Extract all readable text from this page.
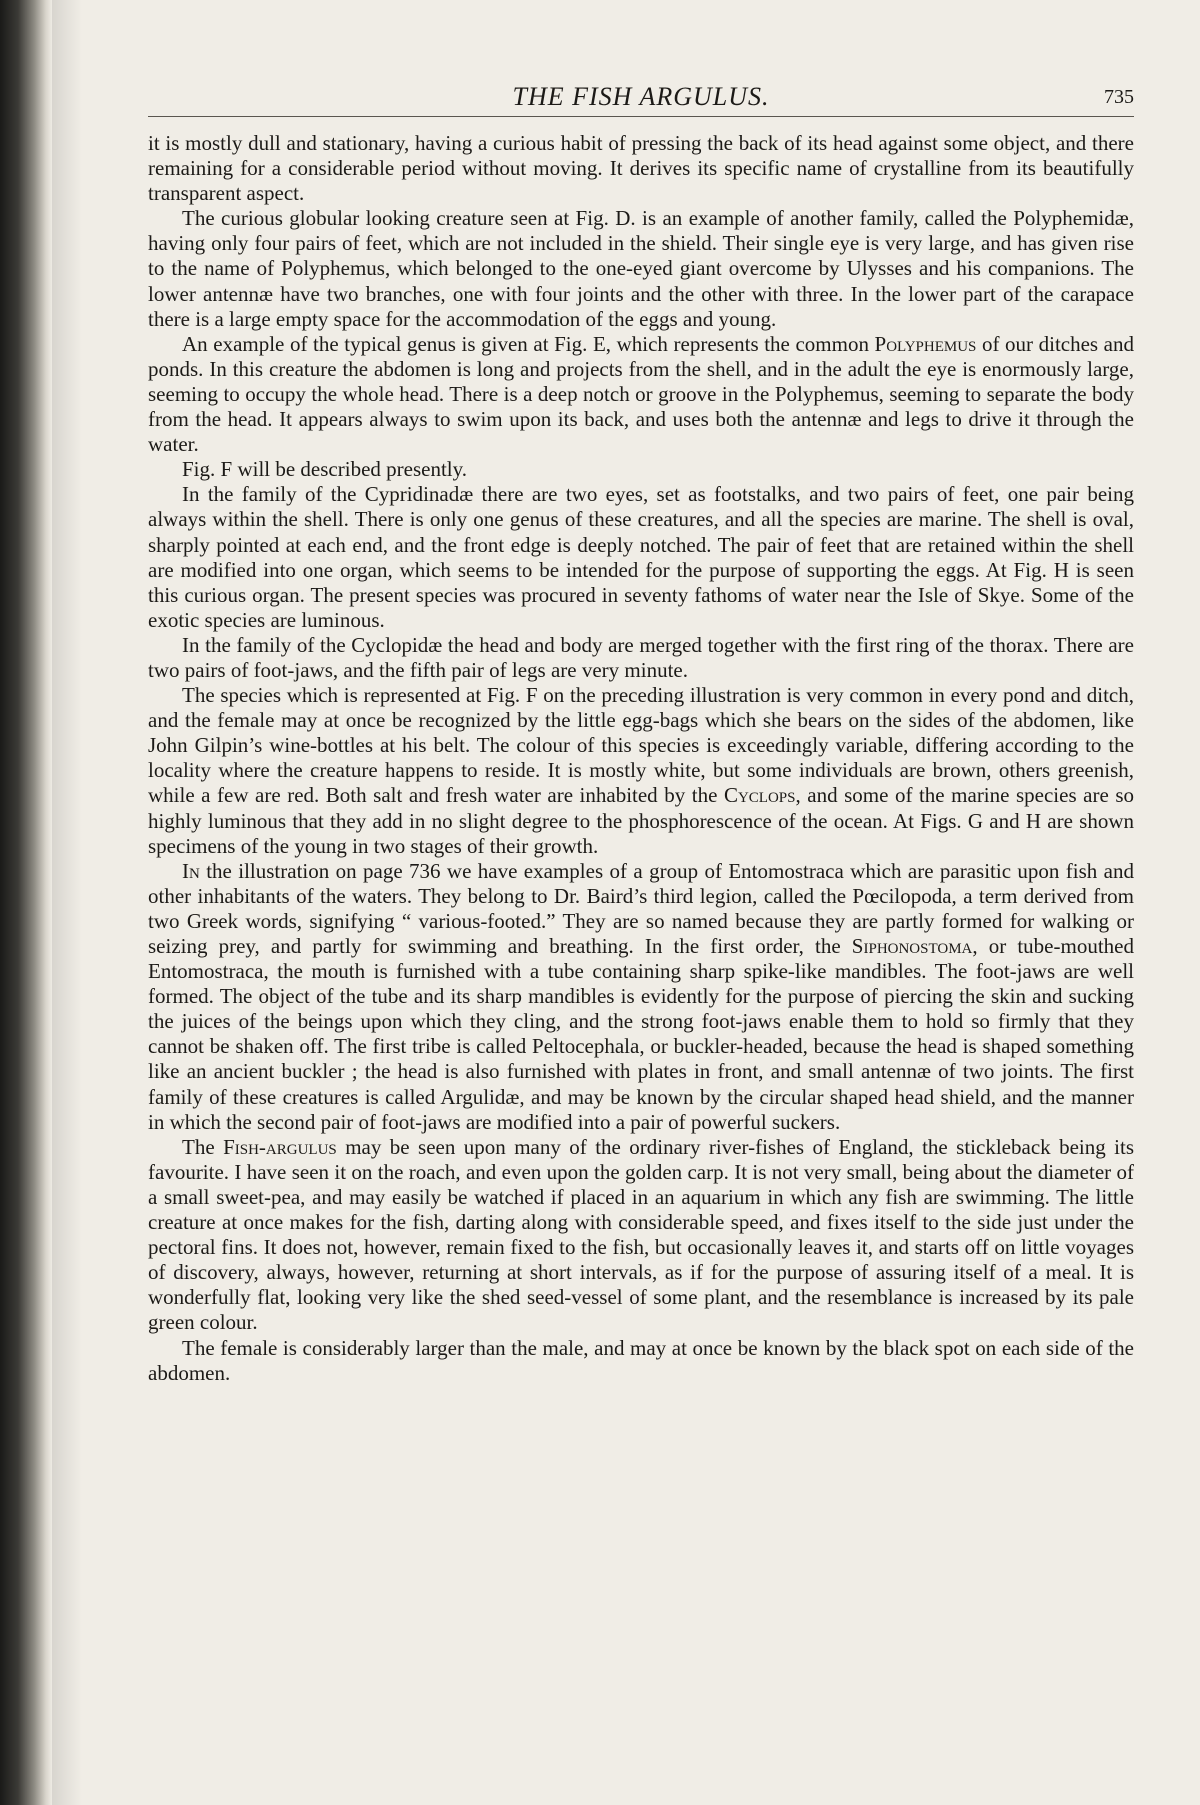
THE FISH ARGULUS.	735

it is mostly dull and stationary, having a curious habit of pressing the back of its head against some object, and there remaining for a considerable period without moving. It derives its specific name of crystalline from its beautifully transparent aspect.

The curious globular looking creature seen at Fig. D. is an example of another family, called the Polyphemidæ, having only four pairs of feet, which are not included in the shield. Their single eye is very large, and has given rise to the name of Polyphemus, which belonged to the one-eyed giant overcome by Ulysses and his companions. The lower antennæ have two branches, one with four joints and the other with three. In the lower part of the carapace there is a large empty space for the accommodation of the eggs and young.

An example of the typical genus is given at Fig. E, which represents the common Polyphemus of our ditches and ponds. In this creature the abdomen is long and projects from the shell, and in the adult the eye is enormously large, seeming to occupy the whole head. There is a deep notch or groove in the Polyphemus, seeming to separate the body from the head. It appears always to swim upon its back, and uses both the antennæ and legs to drive it through the water.

Fig. F will be described presently.

In the family of the Cypridinadæ there are two eyes, set as footstalks, and two pairs of feet, one pair being always within the shell. There is only one genus of these creatures, and all the species are marine. The shell is oval, sharply pointed at each end, and the front edge is deeply notched. The pair of feet that are retained within the shell are modified into one organ, which seems to be intended for the purpose of supporting the eggs. At Fig. H is seen this curious organ. The present species was procured in seventy fathoms of water near the Isle of Skye. Some of the exotic species are luminous.

In the family of the Cyclopidæ the head and body are merged together with the first ring of the thorax. There are two pairs of foot-jaws, and the fifth pair of legs are very minute.

The species which is represented at Fig. F on the preceding illustration is very common in every pond and ditch, and the female may at once be recognized by the little egg-bags which she bears on the sides of the abdomen, like John Gilpin’s wine-bottles at his belt. The colour of this species is exceedingly variable, differing according to the locality where the creature happens to reside. It is mostly white, but some individuals are brown, others greenish, while a few are red. Both salt and fresh water are inhabited by the Cyclops, and some of the marine species are so highly luminous that they add in no slight degree to the phosphorescence of the ocean. At Figs. G and H are shown specimens of the young in two stages of their growth.

In the illustration on page 736 we have examples of a group of Entomostraca which are parasitic upon fish and other inhabitants of the waters. They belong to Dr. Baird’s third legion, called the Pœcilopoda, a term derived from two Greek words, signifying “ various-footed.” They are so named because they are partly formed for walking or seizing prey, and partly for swimming and breathing. In the first order, the Siphonostoma, or tube-mouthed Entomostraca, the mouth is furnished with a tube containing sharp spike-like mandibles. The foot-jaws are well formed. The object of the tube and its sharp mandibles is evidently for the purpose of piercing the skin and sucking the juices of the beings upon which they cling, and the strong foot-jaws enable them to hold so firmly that they cannot be shaken off. The first tribe is called Peltocephala, or buckler-headed, because the head is shaped something like an ancient buckler ; the head is also furnished with plates in front, and small antennæ of two joints. The first family of these creatures is called Argulidæ, and may be known by the circular shaped head shield, and the manner in which the second pair of foot-jaws are modified into a pair of powerful suckers.

The Fish-argulus may be seen upon many of the ordinary river-fishes of England, the stickleback being its favourite. I have seen it on the roach, and even upon the golden carp. It is not very small, being about the diameter of a small sweet-pea, and may easily be watched if placed in an aquarium in which any fish are swimming. The little creature at once makes for the fish, darting along with considerable speed, and fixes itself to the side just under the pectoral fins. It does not, however, remain fixed to the fish, but occasionally leaves it, and starts off on little voyages of discovery, always, however, returning at short intervals, as if for the purpose of assuring itself of a meal. It is wonderfully flat, looking very like the shed seed-vessel of some plant, and the resemblance is increased by its pale green colour.

The female is considerably larger than the male, and may at once be known by the black spot on each side of the abdomen.
